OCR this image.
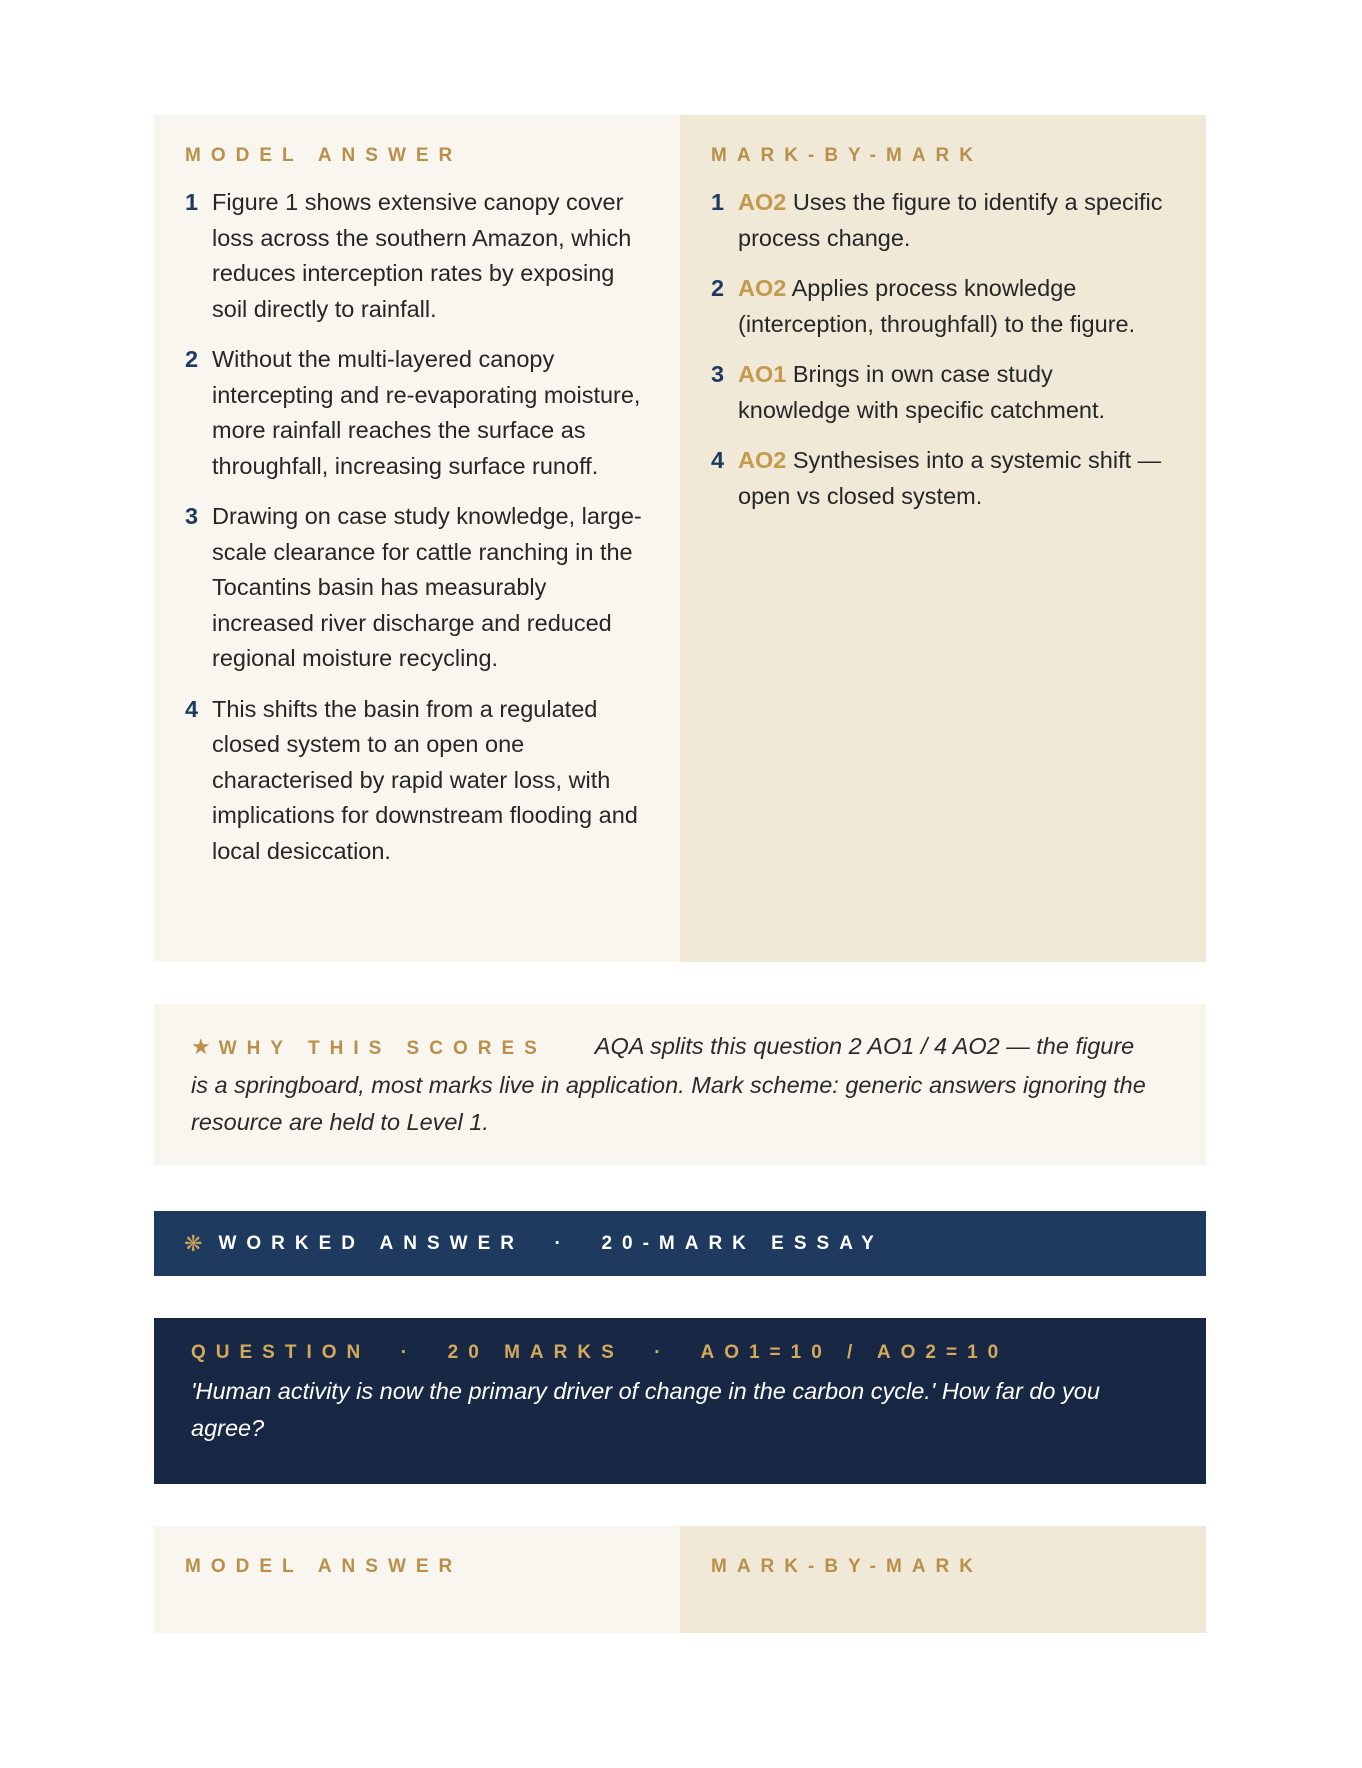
MODEL ANSWER
1 Figure 1 shows extensive canopy cover loss across the southern Amazon, which reduces interception rates by exposing soil directly to rainfall.
2 Without the multi-layered canopy intercepting and re-evaporating moisture, more rainfall reaches the surface as throughfall, increasing surface runoff.
3 Drawing on case study knowledge, large-scale clearance for cattle ranching in the Tocantins basin has measurably increased river discharge and reduced regional moisture recycling.
4 This shifts the basin from a regulated closed system to an open one characterised by rapid water loss, with implications for downstream flooding and local desiccation.
MARK-BY-MARK
1 AO2 Uses the figure to identify a specific process change.
2 AO2 Applies process knowledge (interception, throughfall) to the figure.
3 AO1 Brings in own case study knowledge with specific catchment.
4 AO2 Synthesises into a systemic shift — open vs closed system.
★ WHY THIS SCORES AQA splits this question 2 AO1 / 4 AO2 — the figure is a springboard, most marks live in application. Mark scheme: generic answers ignoring the resource are held to Level 1.
❋ WORKED ANSWER  ·  20-MARK ESSAY
QUESTION  ·  20 MARKS  ·  AO1=10 / AO2=10
'Human activity is now the primary driver of change in the carbon cycle.' How far do you agree?
MODEL ANSWER	MARK-BY-MARK
